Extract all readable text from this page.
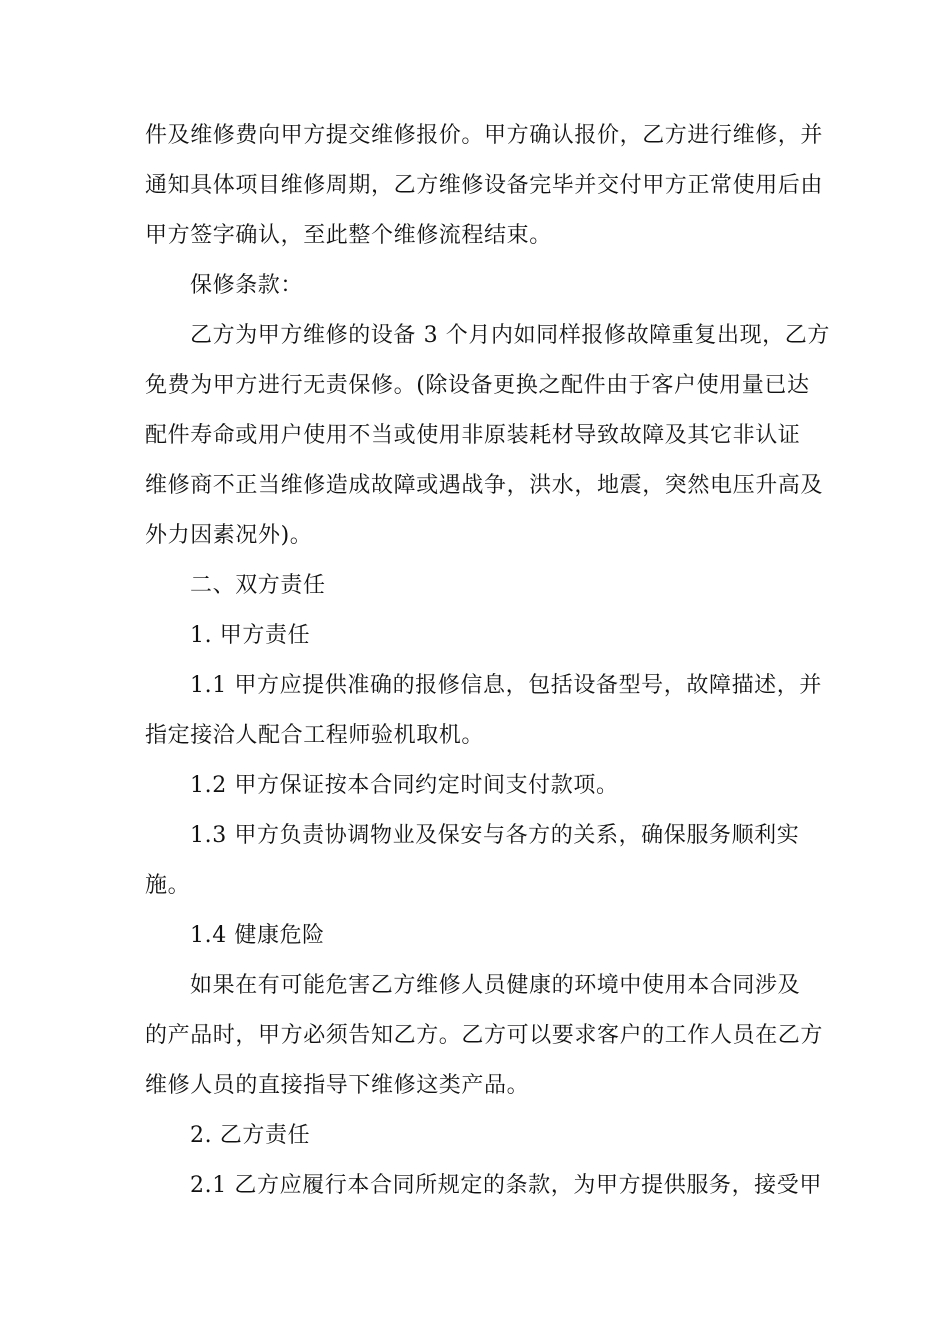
件及维修费向甲方提交维修报价。甲方确认报价，乙方进行维修，并
通知具体项目维修周期，乙方维修设备完毕并交付甲方正常使用后由
甲方签字确认，至此整个维修流程结束。
保修条款：
乙方为甲方维修的设备 3 个月内如同样报修故障重复出现，乙方
免费为甲方进行无责保修。(除设备更换之配件由于客户使用量已达
配件寿命或用户使用不当或使用非原装耗材导致故障及其它非认证
维修商不正当维修造成故障或遇战争，洪水，地震，突然电压升高及
外力因素况外)。
二、双方责任
1. 甲方责任
1.1 甲方应提供准确的报修信息，包括设备型号，故障描述，并
指定接洽人配合工程师验机取机。
1.2 甲方保证按本合同约定时间支付款项。
1.3 甲方负责协调物业及保安与各方的关系，确保服务顺利实
施。
1.4 健康危险
如果在有可能危害乙方维修人员健康的环境中使用本合同涉及
的产品时，甲方必须告知乙方。乙方可以要求客户的工作人员在乙方
维修人员的直接指导下维修这类产品。
2. 乙方责任
2.1 乙方应履行本合同所规定的条款，为甲方提供服务，接受甲
